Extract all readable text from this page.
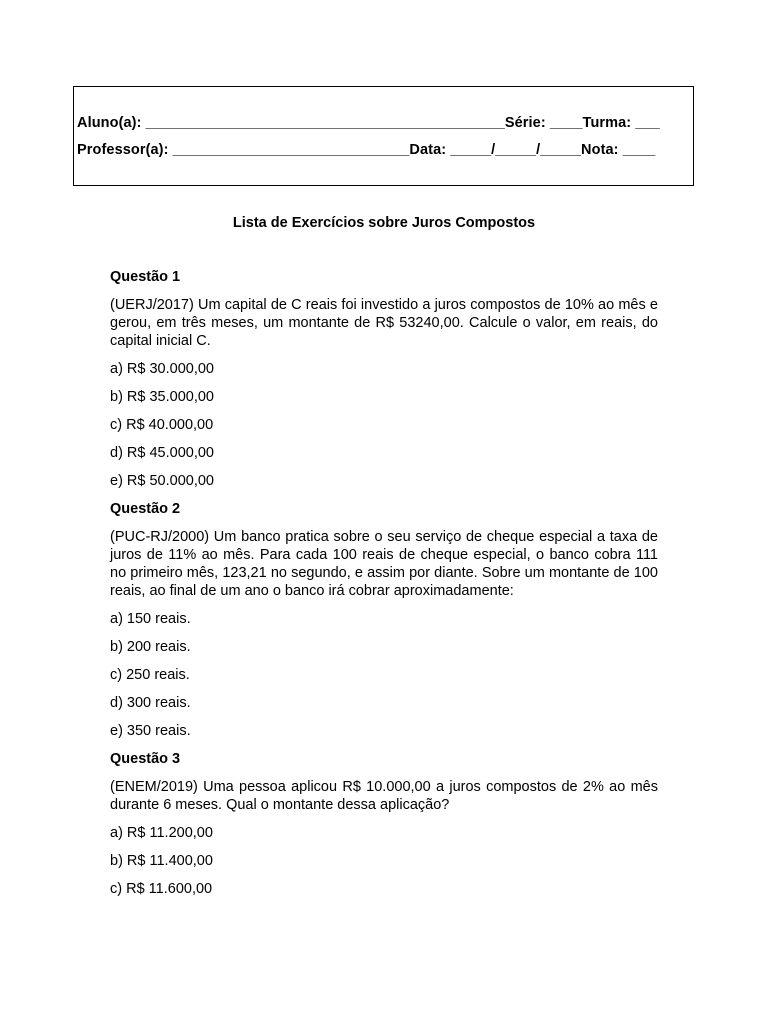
Aluno(a): ____________________________________________Série: ____Turma: ___
Professor(a): _____________________________Data: _____/_____/_____Nota: ____
Lista de Exercícios sobre Juros Compostos
Questão 1
(UERJ/2017) Um capital de C reais foi investido a juros compostos de 10% ao mês e gerou, em três meses, um montante de R$ 53240,00. Calcule o valor, em reais, do capital inicial C.
a) R$ 30.000,00
b) R$ 35.000,00
c) R$ 40.000,00
d) R$ 45.000,00
e) R$ 50.000,00
Questão 2
(PUC-RJ/2000) Um banco pratica sobre o seu serviço de cheque especial a taxa de juros de 11% ao mês. Para cada 100 reais de cheque especial, o banco cobra 111 no primeiro mês, 123,21 no segundo, e assim por diante. Sobre um montante de 100 reais, ao final de um ano o banco irá cobrar aproximadamente:
a) 150 reais.
b) 200 reais.
c) 250 reais.
d) 300 reais.
e) 350 reais.
Questão 3
(ENEM/2019) Uma pessoa aplicou R$ 10.000,00 a juros compostos de 2% ao mês durante 6 meses. Qual o montante dessa aplicação?
a) R$ 11.200,00
b) R$ 11.400,00
c) R$ 11.600,00
